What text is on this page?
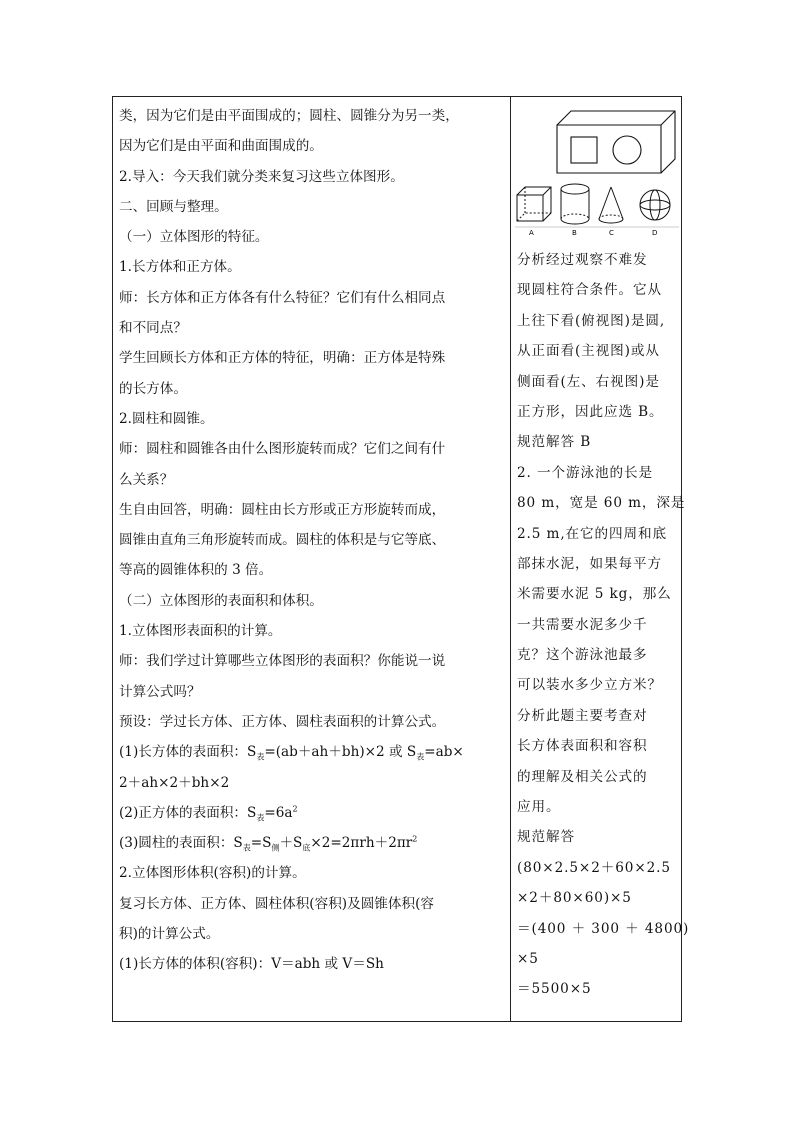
类，因为它们是由平面围成的；圆柱、圆锥分为另一类，
因为它们是由平面和曲面围成的。
2.导入：今天我们就分类来复习这些立体图形。
二、回顾与整理。
（一）立体图形的特征。
1.长方体和正方体。
师：长方体和正方体各有什么特征？它们有什么相同点
和不同点？
学生回顾长方体和正方体的特征，明确：正方体是特殊
的长方体。
2.圆柱和圆锥。
师：圆柱和圆锥各由什么图形旋转而成？它们之间有什
么关系？
生自由回答，明确：圆柱由长方形或正方形旋转而成，
圆锥由直角三角形旋转而成。圆柱的体积是与它等底、
等高的圆锥体积的 3 倍。
（二）立体图形的表面积和体积。
1.立体图形表面积的计算。
师：我们学过计算哪些立体图形的表面积？你能说一说
计算公式吗？
预设：学过长方体、正方体、圆柱表面积的计算公式。
(1)长方体的表面积：$S_表=(ab+ah+bh)\times 2$ 或 $S_表=ab\times$
2＋ah×2＋bh×2
(2)正方体的表面积：$S_表=6a^2$
(3)圆柱的表面积：$S_表=S_侧+S_底\times 2=2\pi rh+2\pi r^2$
2.立体图形体积(容积)的计算。
复习长方体、正方体、圆柱体积(容积)及圆锥体积(容
积)的计算公式。
(1)长方体的体积(容积)：V＝abh 或 V＝Sh
A	B	C	D
分析经过观察不难发
现圆柱符合条件。它从
上往下看(俯视图)是圆,
从正面看(主视图)或从
侧面看(左、右视图)是
正方形，因此应选 B。
规范解答 B
2. 一个游泳池的长是
80 m，宽是 60 m，深是
2.5 m,在它的四周和底
部抹水泥，如果每平方
米需要水泥 5 kg，那么
一共需要水泥多少千
克？这个游泳池最多
可以装水多少立方米？
分析此题主要考查对
长方体表面积和容积
的理解及相关公式的
应用。
规范解答
(80×2.5×2＋60×2.5
×2＋80×60)×5
＝(400 ＋ 300 ＋ 4800)
×5
＝5500×5
